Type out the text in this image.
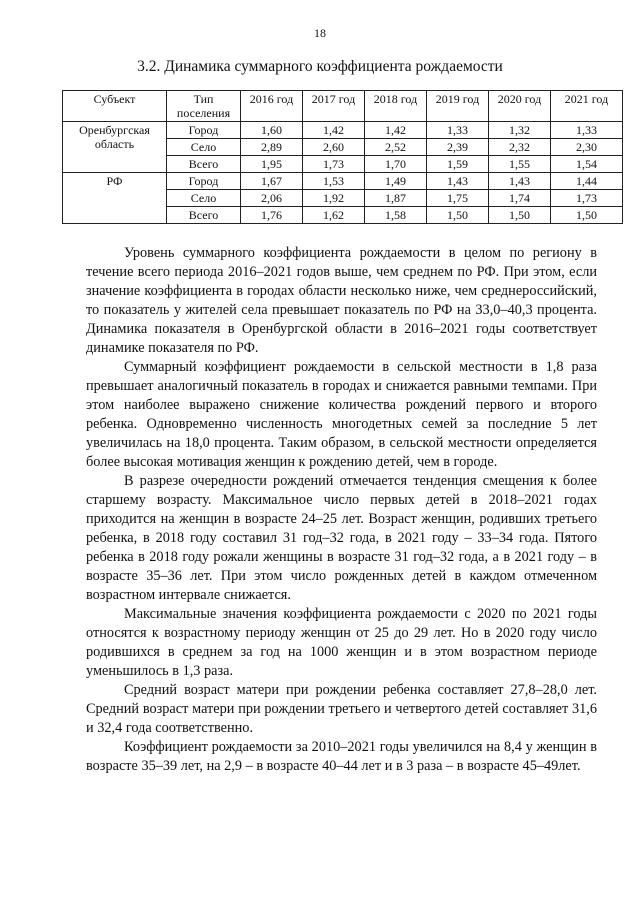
18
3.2. Динамика суммарного коэффициента рождаемости
Субъект	Тип поселения	2016 год	2017 год	2018 год	2019 год	2020 год	2021 год
Оренбургская область	Город	1,60	1,42	1,42	1,33	1,32	1,33
	Село	2,89	2,60	2,52	2,39	2,32	2,30
	Всего	1,95	1,73	1,70	1,59	1,55	1,54
РФ	Город	1,67	1,53	1,49	1,43	1,43	1,44
	Село	2,06	1,92	1,87	1,75	1,74	1,73
	Всего	1,76	1,62	1,58	1,50	1,50	1,50

Уровень суммарного коэффициента рождаемости в целом по региону в течение всего периода 2016–2021 годов выше, чем среднем по РФ. При этом, если значение коэффициента в городах области несколько ниже, чем среднероссийский, то показатель у жителей села превышает показатель по РФ на 33,0–40,3 процента. Динамика показателя в Оренбургской области в 2016–2021 годы соответствует динамике показателя по РФ.

Суммарный коэффициент рождаемости в сельской местности в 1,8 раза превышает аналогичный показатель в городах и снижается равными темпами. При этом наиболее выражено снижение количества рождений первого и второго ребенка. Одновременно численность многодетных семей за последние 5 лет увеличилась на 18,0 процента. Таким образом, в сельской местности определяется более высокая мотивация женщин к рождению детей, чем в городе.

В разрезе очередности рождений отмечается тенденция смещения к более старшему возрасту. Максимальное число первых детей в 2018–2021 годах приходится на женщин в возрасте 24–25 лет. Возраст женщин, родивших третьего ребенка, в 2018 году составил 31 год–32 года, в 2021 году – 33–34 года. Пятого ребенка в 2018 году рожали женщины в возрасте 31 год–32 года, а в 2021 году – в возрасте 35–36 лет. При этом число рожденных детей в каждом отмеченном возрастном интервале снижается.

Максимальные значения коэффициента рождаемости с 2020 по 2021 годы относятся к возрастному периоду женщин от 25 до 29 лет. Но в 2020 году число родившихся в среднем за год на 1000 женщин и в этом возрастном периоде уменьшилось в 1,3 раза.

Средний возраст матери при рождении ребенка составляет 27,8–28,0 лет. Средний возраст матери при рождении третьего и четвертого детей составляет 31,6 и 32,4 года соответственно.

Коэффициент рождаемости за 2010–2021 годы увеличился на 8,4 у женщин в возрасте 35–39 лет, на 2,9 – в возрасте 40–44 лет и в 3 раза – в возрасте 45–49лет.
